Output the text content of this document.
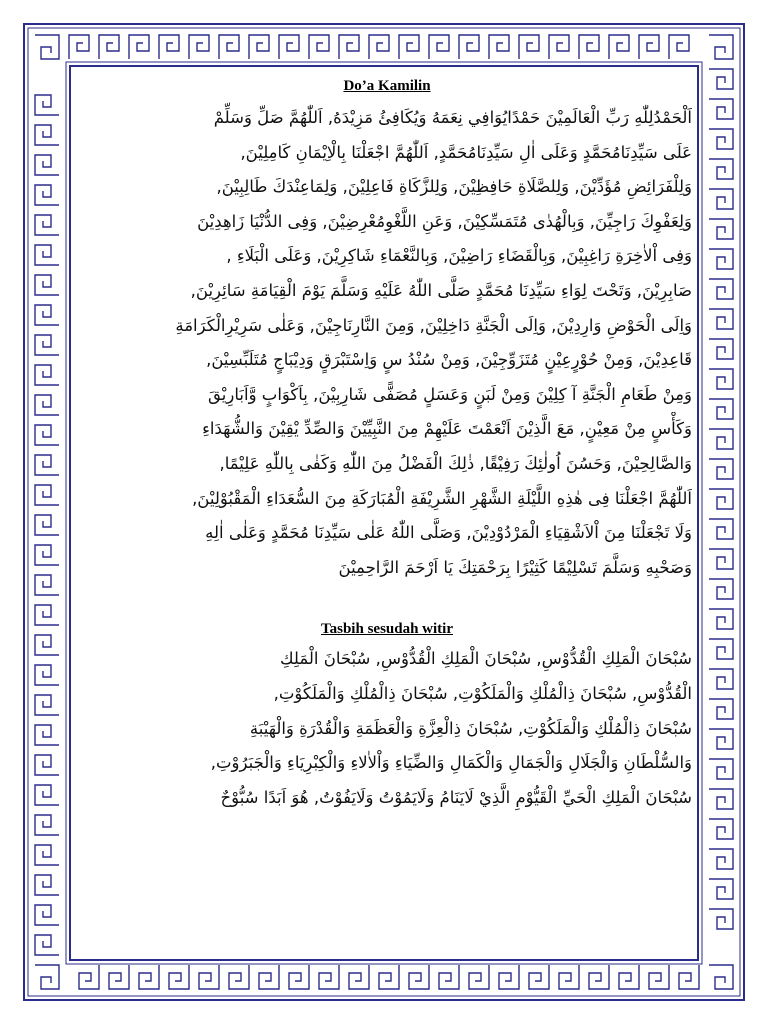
Do’a Kamilin
اَلْحَمْدُلِلّٰهِ رَبِّ الْعَالَمِيْنَ حَمْدًايُوَافِي نِعَمَهُ وَيُكَافِئُ مَزِيْدَهُ, اَللّٰهُمَّ صَلِّ وَسَلِّمْ
عَلَى سَيِّدِنَامُحَمَّدٍ وَعَلَى اٰلِ سَيِّدِنَامُحَمَّدٍ, اَللّٰهُمَّ اجْعَلْنَا بِالْاِيْمَانِ كَامِلِيْنَ,
وَلِلْفَرَائِضِ مُؤَدِّيْنَ, وَلِلصَّلَاةِ حَافِظِيْنَ, وَلِلزَّكَاةِ فَاعِلِيْنَ, وَلِمَاعِنْدَكَ طَالِبِيْنَ,
وَلِعَفْوِكَ رَاجِيِّنَ, وَبِالْهُدٰى مُتَمَسِّكِيْنَ, وَعَنِ اللَّغْوِمُعْرِضِيْنَ, وَفِى الدُّنْيَا زَاهِدِيْنَ
وَفِى اْلاٰخِرَةِ رَاغِبِيْنَ, وَبِالْقَضَاءِ رَاضِيْنَ, وَبِالنَّعْمَاءِ شَاكِرِيْنَ, وَعَلَى الْبَلَاءِ ,
صَابِرِيْنَ, وَتَحْتَ لِوَاءِ سَيِّدِنَا مُحَمَّدٍ صَلَّى اللّٰهُ عَلَيْهِ وَسَلَّمَ يَوْمَ الْقِيَامَةِ سَائِرِيْنَ,
وَاِلَى الْحَوْضِ وَارِدِيْنَ, وَاِلَى الْجَنَّةِ دَاخِلِيْنَ, وَمِنَ النَّارِنَاجِيْنَ, وَعَلٰى سَرِيْرِالْكَرَامَةِ
قَاعِدِيْنَ, وَمِنْ حُوْرٍعِيْنٍ مُتَزَوِّجِيْنَ, وَمِنْ سُنْدُ سٍ وَاِسْتَبْرَقٍ وَدِيْبَاجٍ مُتَلَبِّسِيْنَ,
وَمِنْ طَعَامِ الْجَنَّةِ آ كِلِيْنَ وَمِنْ لَبَنٍ وَعَسَلٍ مُصَفًّى شَارِبِيْنَ, بِاَكْوَابٍ وَّاَبَارِيْقَ
وَكَأْسٍ مِنْ مَعِيْنٍ, مَعَ الَّذِيْنَ اَنْعَمْتَ عَلَيْهِمْ مِنَ النَّبِيِّيْنَ وَالصِّدِّ يْقِيْنَ وَالشُّهَدَاءِ
وَالصَّالِحِيْنَ, وَحَسُنَ اُولٰئِكَ رَفِيْقًا, ذٰلِكَ الْفَضْلُ مِنَ اللّٰهِ وَكَفٰى بِاللّٰهِ عَلِيْمًا,
اَللّٰهُمَّ اجْعَلْنَا فِى هٰذِهِ اللَّيْلَةِ الشَّهْرِ الشَّرِيْفَةِ الْمُبَارَكَةِ مِنَ السُّعَدَاءِ الْمَقْبُوْلِيْنَ,
وَلَا تَجْعَلْنَا مِنَ اْلاَشْقِيَاءِ الْمَرْدُوْدِيْنَ, وَصَلَّى اللّٰهُ عَلٰى سَيِّدِنَا مُحَمَّدٍ وَعَلٰى اٰلِهِ
وَصَحْبِهِ وَسَلَّمَ تَسْلِيْمًا كَثِيْرًا بِرَحْمَتِكَ يَا اَرْحَمَ الرَّاحِمِيْنَ
Tasbih sesudah witir
سُبْحَانَ الْمَلِكِ الْقُدُّوْسِ, سُبْحَانَ الْمَلِكِ الْقُدُّوْسِ, سُبْحَانَ الْمَلِكِ
الْقُدُّوْسِ, سُبْحَانَ ذِالْمُلْكِ وَالْمَلَكُوْتِ, سُبْحَانَ ذِالْمُلْكِ وَالْمَلَكُوْتِ,
سُبْحَانَ ذِالْمُلْكِ وَالْمَلَكُوْتِ, سُبْحَانَ ذِالْعِزَّةِ وَالْعَظَمَةِ وَالْقُدْرَةِ وَالْهَيْبَةِ
وَالسُّلْطَانِ وَالْجَلَالِ وَالْجَمَالِ وَالْكَمَالِ وَالضِّيَاءِ وَاْلاٰلاءِ وَالْكِبْرِيَاءِ وَالْجَبَرُوْتِ,
سُبْحَانَ الْمَلِكِ الْحَيِّ الْقَيُّوْمِ الَّذِيْ لَايَنَامُ وَلَايَمُوْتُ وَلَايَفُوْتُ, هُوَ اَبَدًا سُبُّوْحٌ
